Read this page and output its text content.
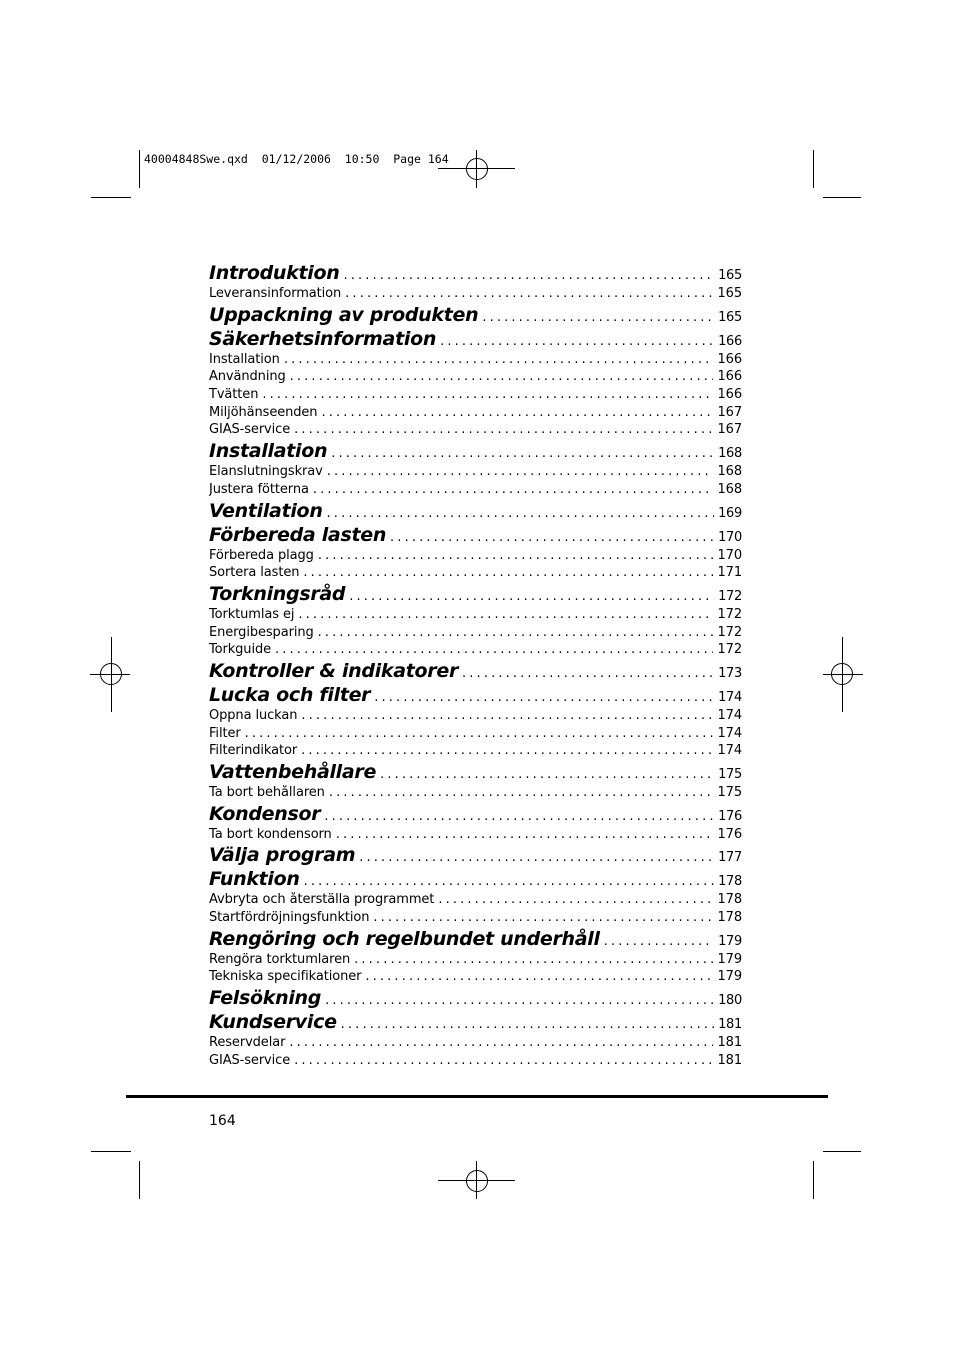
40004848Swe.qxd  01/12/2006  10:50  Page 164
Introduktion . . .	165
Leveransinformation . . .	165
Uppackning av produkten . . .	165
Säkerhetsinformation . . .	166
Installation . . .	166
Användning . . .	166
Tvätten . . .	166
Miljöhänseenden . . .	167
GIAS-service . . .	167
Installation . . .	168
Elanslutningskrav . . .	168
Justera fötterna . . .	168
Ventilation . . .	169
Förbereda lasten . . .	170
Förbereda plagg . . .	170
Sortera lasten . . .	171
Torkningsråd . . .	172
Torktumlas ej . . .	172
Energibesparing . . .	172
Torkguide . . .	172
Kontroller & indikatorer . . .	173
Lucka och filter . . .	174
Öppna luckan . . .	174
Filter . . .	174
Filterindikator . . .	174
Vattenbehållare . . .	175
Ta bort behållaren . . .	175
Kondensor . . .	176
Ta bort kondensorn . . .	176
Välja program . . .	177
Funktion . . .	178
Avbryta och återställa programmet . . .	178
Startfördröjningsfunktion . . .	178
Rengöring och regelbundet underhåll . . .	179
Rengöra torktumlaren . . .	179
Tekniska specifikationer . . .	179
Felsökning . . .	180
Kundservice . . .	181
Reservdelar . . .	181
GIAS-service . . .	181
164
